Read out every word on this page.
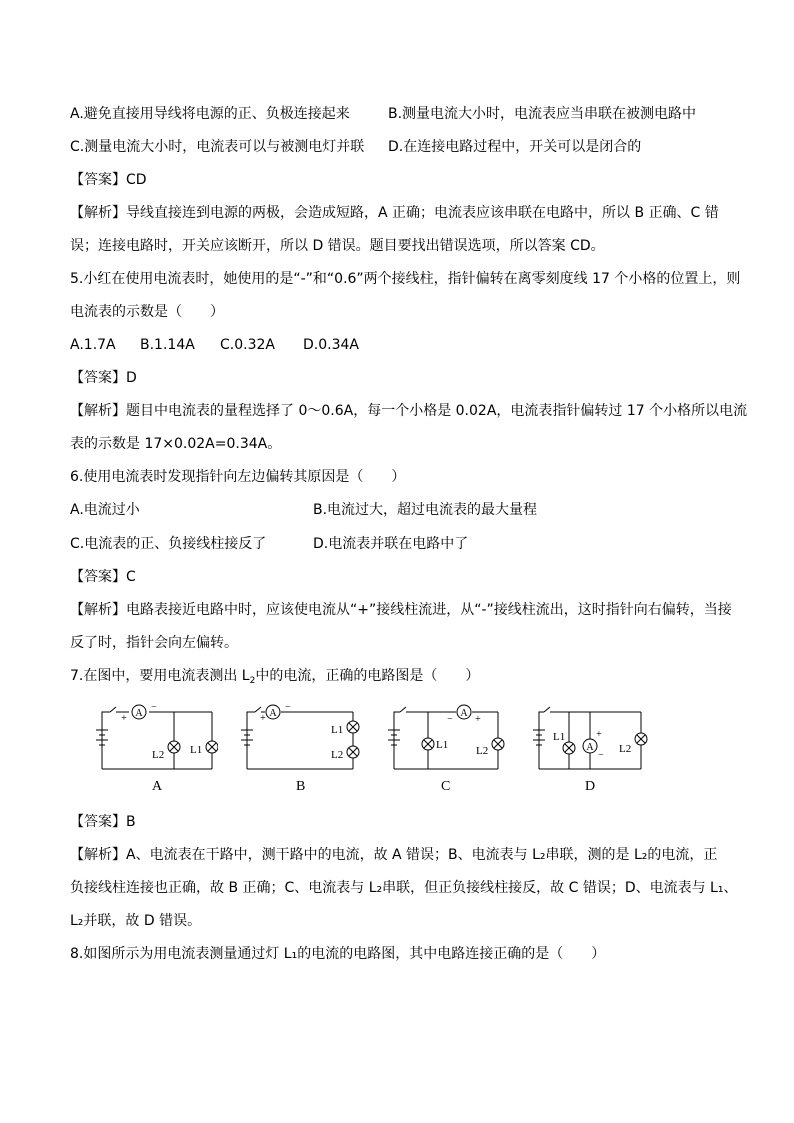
A.避免直接用导线将电源的正、负极连接起来	B.测量电流大小时，电流表应当串联在被测电路中
C.测量电流大小时，电流表可以与被测电灯并联 D.在连接电路过程中，开关可以是闭合的
【答案】CD
【解析】导线直接连到电源的两极，会造成短路，A 正确；电流表应该串联在电路中，所以 B 正确、C 错
误；连接电路时，开关应该断开，所以 D 错误。题目要找出错误选项，所以答案 CD。
5.小红在使用电流表时，她使用的是“-”和“0.6”两个接线柱，指针偏转在离零刻度线 17 个小格的位置上，则
电流表的示数是（　　）
A.1.7A B.1.14A C.0.32A D.0.34A
【答案】D
【解析】题目中电流表的量程选择了 0～0.6A，每一个小格是 0.02A，电流表指针偏转过 17 个小格所以电流
表的示数是 17×0.02A=0.34A。
6.使用电流表时发现指针向左边偏转其原因是（　　）
A.电流过小	B.电流过大，超过电流表的最大量程
C.电流表的正、负接线柱接反了	D.电流表并联在电路中了
【答案】C
【解析】电路表接近电路中时，应该使电流从“+”接线柱流进，从“-”接线柱流出，这时指针向右偏转，当接
反了时，指针会向左偏转。
7.在图中，要用电流表测出 $L_2$中的电流，正确的电路图是（　　）
A
+
−
L2 L1
A
A
+
−
L1
L2
B
A
− +
L1	L2
C
A
+
−
L1
L2
D
【答案】B
【解析】A、电流表在干路中，测干路中的电流，故 A 错误；B、电流表与 L₂串联，测的是 L₂的电流，正
负接线柱连接也正确，故 B 正确；C、电流表与 L₂串联，但正负接线柱接反，故 C 错误；D、电流表与 L₁、
L₂并联，故 D 错误。
8.如图所示为用电流表测量通过灯 L₁的电流的电路图，其中电路连接正确的是（　　）
